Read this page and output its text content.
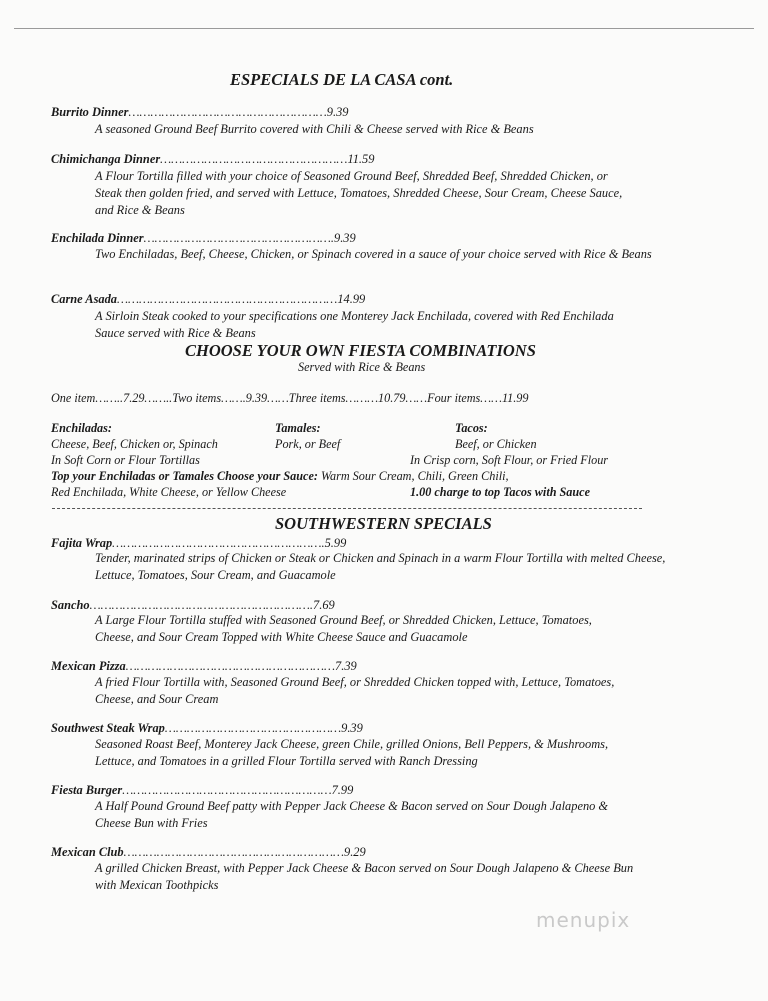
ESPECIALS DE LA CASA cont.
Burrito Dinner………………………………………………9.39
A seasoned Ground Beef Burrito covered with Chili & Cheese served with Rice & Beans
Chimichanga Dinner……………………………………………11.59
A Flour Tortilla filled with your choice of Seasoned Ground Beef, Shredded Beef, Shredded Chicken, or Steak then golden fried, and served with Lettuce, Tomatoes, Shredded Cheese, Sour Cream, Cheese Sauce, and Rice & Beans
Enchilada Dinner…………………………………………….9.39
Two Enchiladas, Beef, Cheese, Chicken, or Spinach covered in a sauce of your choice served with Rice & Beans
Carne Asada……………………………………………………14.99
A Sirloin Steak cooked to your specifications one Monterey Jack Enchilada, covered with Red Enchilada Sauce served with Rice & Beans
CHOOSE YOUR OWN FIESTA COMBINATIONS
Served with Rice & Beans
One item……..7.29……..Two items…….9.39……Three items………10.79……Four items……11.99
Enchiladas:
Cheese, Beef, Chicken or, Spinach
In Soft Corn or Flour Tortillas
Tamales:
Pork, or Beef
Tacos:
Beef, or Chicken
In Crisp corn, Soft Flour, or Fried Flour
Top your Enchiladas or Tamales Choose your Sauce: Warm Sour Cream, Chili, Green Chili,
Red Enchilada, White Cheese, or Yellow Cheese	1.00 charge to top Tacos with Sauce
SOUTHWESTERN SPECIALS
Fajita Wrap………………………………………………….5.99
Tender, marinated strips of Chicken or Steak or Chicken and Spinach in a warm Flour Tortilla with melted Cheese, Lettuce, Tomatoes, Sour Cream, and Guacamole
Sancho…………………………………………………….7.69
A Large Flour Tortilla stuffed with Seasoned Ground Beef, or Shredded Chicken, Lettuce, Tomatoes, Cheese, and Sour Cream Topped with White Cheese Sauce and Guacamole
Mexican Pizza…………………………………………………7.39
A fried Flour Tortilla with, Seasoned Ground Beef, or Shredded Chicken topped with, Lettuce, Tomatoes, Cheese, and Sour Cream
Southwest Steak Wrap…………………………………………9.39
Seasoned Roast Beef, Monterey Jack Cheese, green Chile, grilled Onions, Bell Peppers, & Mushrooms, Lettuce, and Tomatoes in a grilled Flour Tortilla served with Ranch Dressing
Fiesta Burger…………………………………………………7.99
A Half Pound Ground Beef patty with Pepper Jack Cheese & Bacon served on Sour Dough Jalapeno & Cheese Bun with Fries
Mexican Club……………………………………………………9.29
A grilled Chicken Breast, with Pepper Jack Cheese & Bacon served on Sour Dough Jalapeno & Cheese Bun with Mexican Toothpicks
menupix
